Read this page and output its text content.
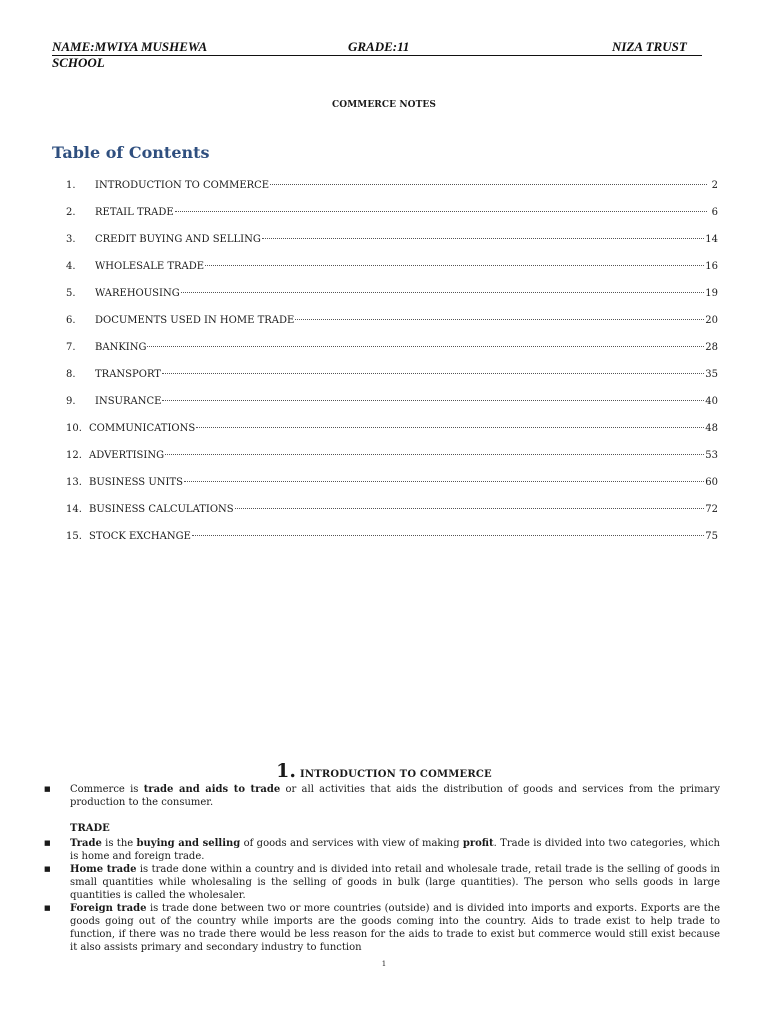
NAME:MWIYA MUSHEWA	GRADE:11	NIZA TRUST
SCHOOL
COMMERCE NOTES
Table of Contents
1.	INTRODUCTION TO COMMERCE	2
2.	RETAIL TRADE	6
3.	CREDIT BUYING AND SELLING	14
4.	WHOLESALE TRADE	16
5.	WAREHOUSING	19
6.	DOCUMENTS USED IN HOME TRADE	20
7.	BANKING	28
8.	TRANSPORT	35
9.	INSURANCE	40
10. COMMUNICATIONS	48
12. ADVERTISING	53
13. BUSINESS UNITS	60
14. BUSINESS CALCULATIONS	72
15. STOCK EXCHANGE	75
1. INTRODUCTION TO COMMERCE
■	Commerce is trade and aids to trade or all activities that aids the distribution of goods and services from the primary production to the consumer.
TRADE
■	Trade is the buying and selling of goods and services with view of making profit. Trade is divided into two categories, which is home and foreign trade.
■	Home trade is trade done within a country and is divided into retail and wholesale trade, retail trade is the selling of goods in small quantities while wholesaling is the selling of goods in bulk (large quantities). The person who sells goods in large quantities is called the wholesaler.
■	Foreign trade is trade done between two or more countries (outside) and is divided into imports and exports. Exports are the goods going out of the country while imports are the goods coming into the country. Aids to trade exist to help trade to function, if there was no trade there would be less reason for the aids to trade to exist but commerce would still exist because it also assists primary and secondary industry to function
1
